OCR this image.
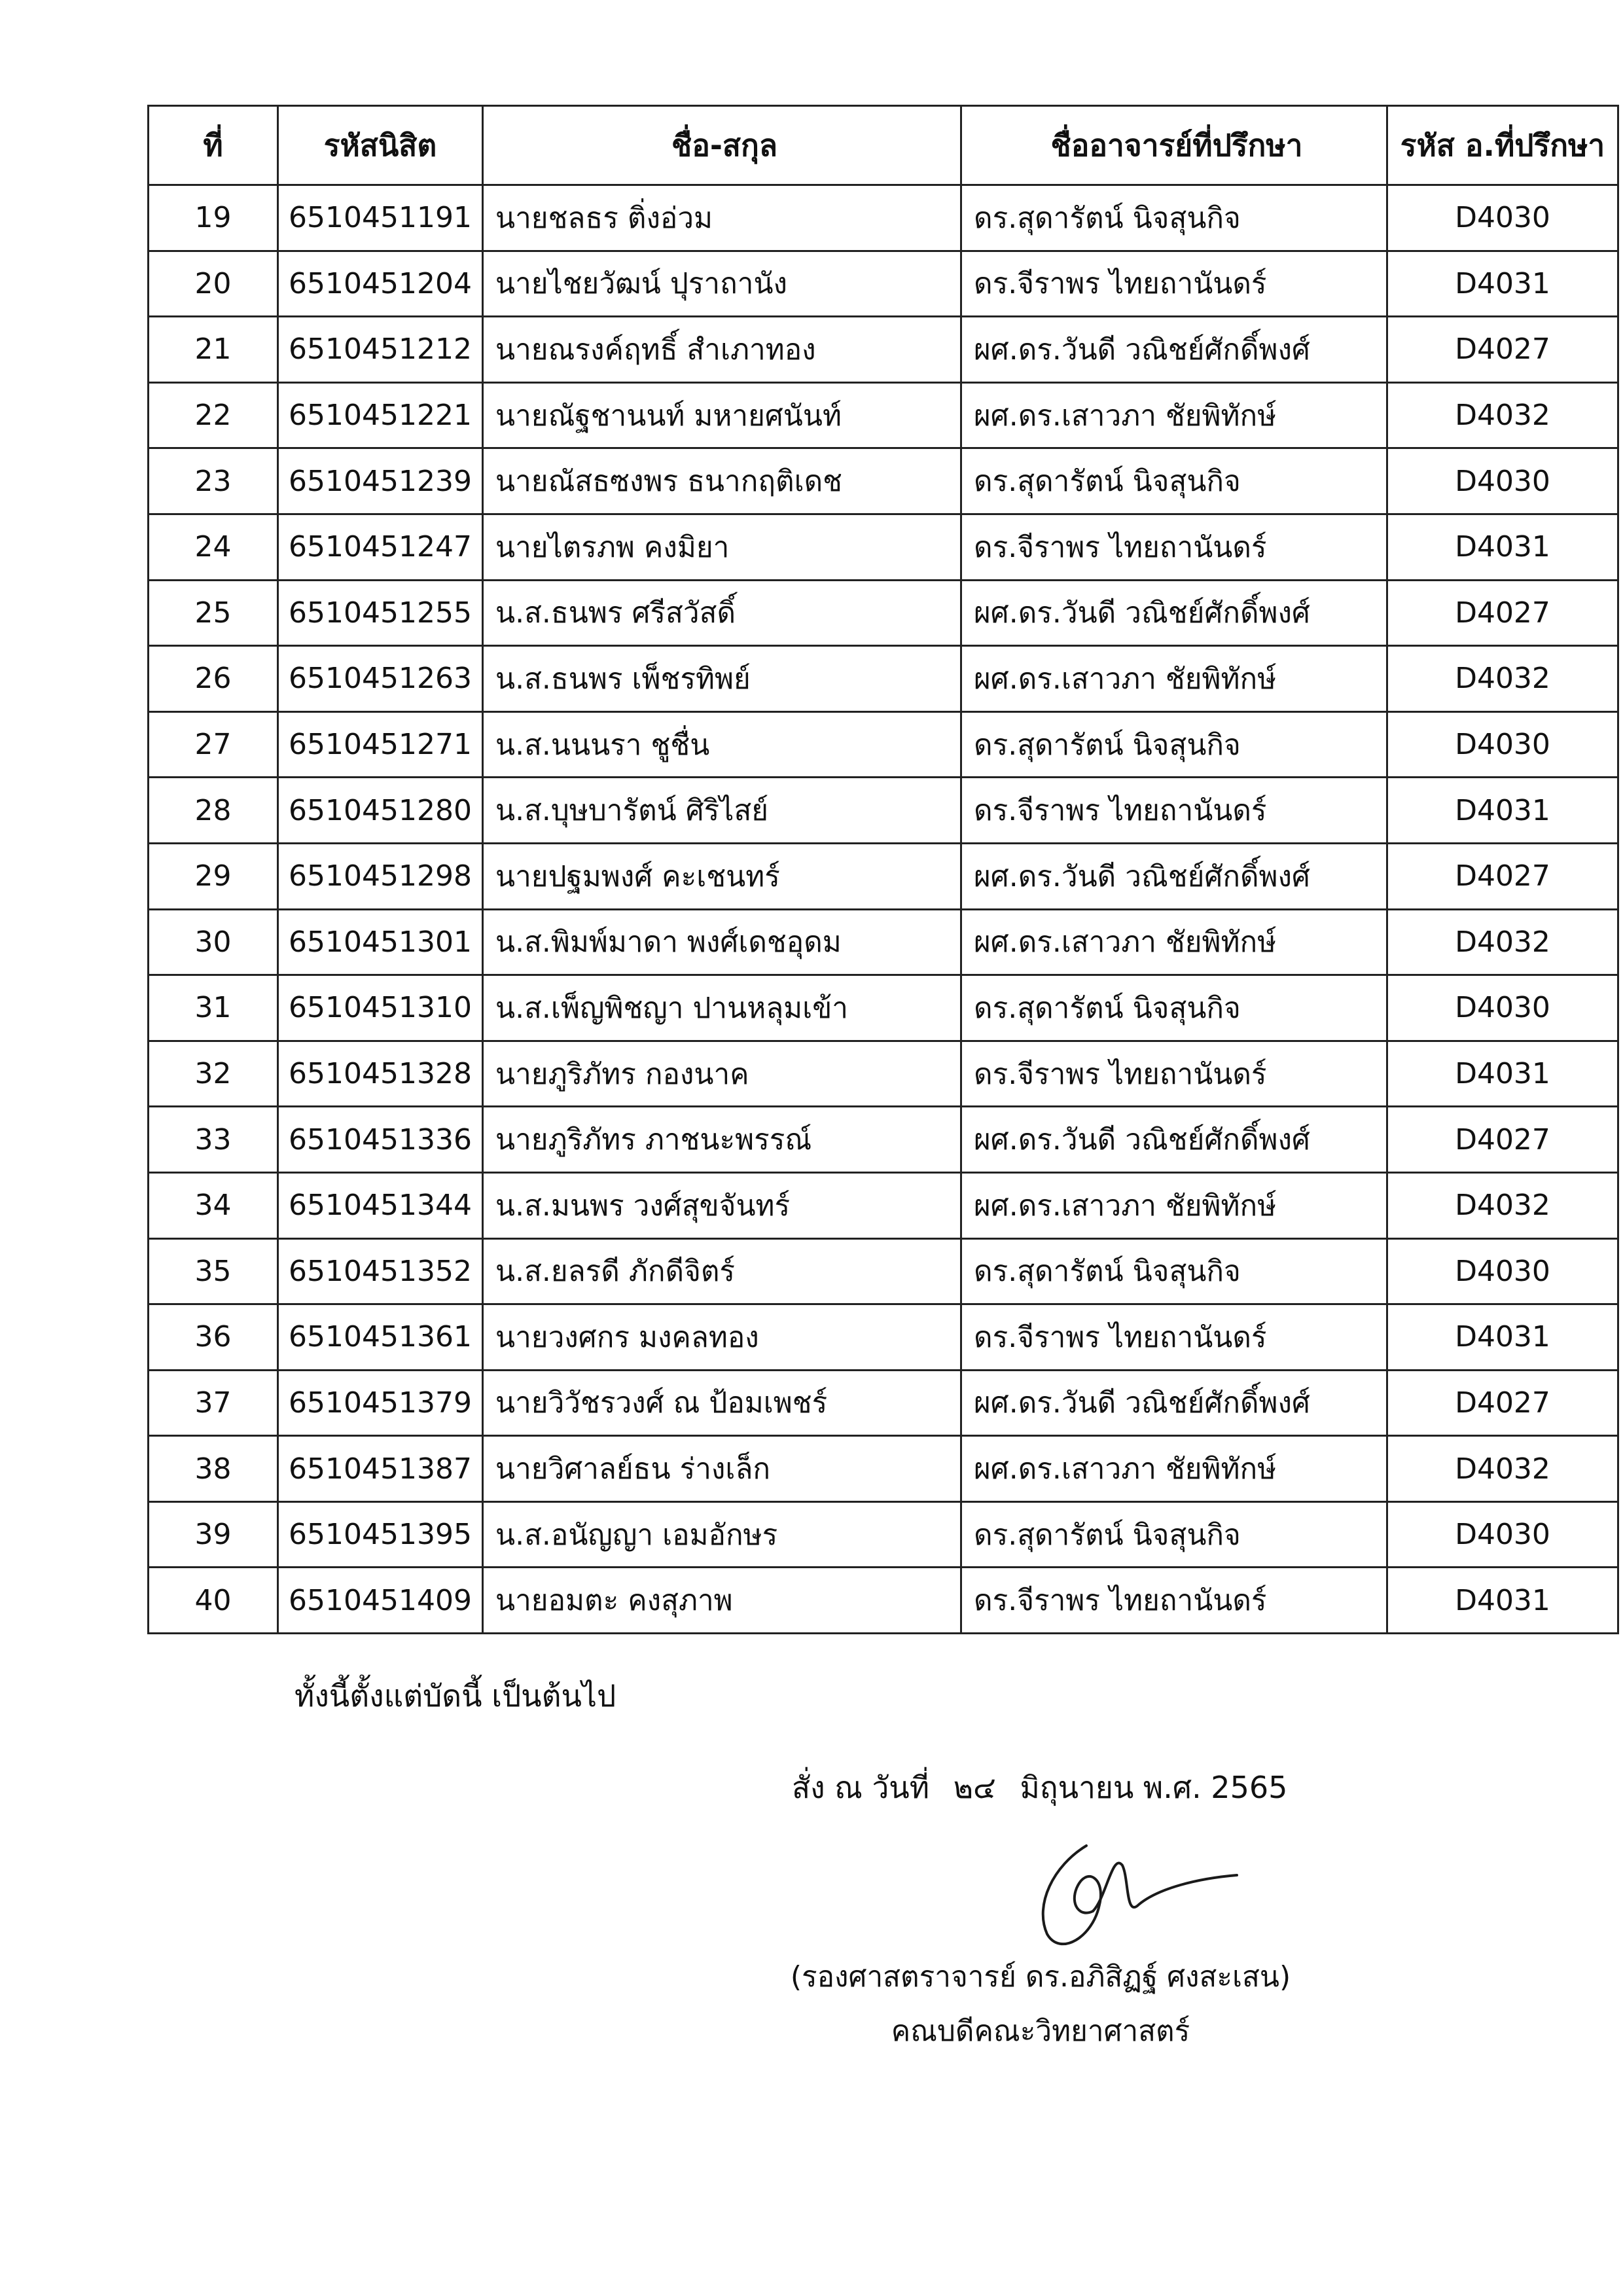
ที่	รหัสนิสิต	ชื่อ-สกุล	ชื่ออาจารย์ที่ปรึกษา	รหัส อ.ที่ปรึกษา
19	6510451191	นายชลธร ติ่งอ่วม	ดร.สุดารัตน์ นิจสุนกิจ	D4030
20	6510451204	นายไชยวัฒน์ ปุราถานัง	ดร.จีราพร ไทยถานันดร์	D4031
21	6510451212	นายณรงค์ฤทธิ์ สำเภาทอง	ผศ.ดร.วันดี วณิชย์ศักดิ์พงศ์	D4027
22	6510451221	นายณัฐชานนท์ มหายศนันท์	ผศ.ดร.เสาวภา ชัยพิทักษ์	D4032
23	6510451239	นายณัสธซงพร ธนากฤติเดช	ดร.สุดารัตน์ นิจสุนกิจ	D4030
24	6510451247	นายไตรภพ คงมิยา	ดร.จีราพร ไทยถานันดร์	D4031
25	6510451255	น.ส.ธนพร ศรีสวัสดิ์	ผศ.ดร.วันดี วณิชย์ศักดิ์พงศ์	D4027
26	6510451263	น.ส.ธนพร เพ็ชรทิพย์	ผศ.ดร.เสาวภา ชัยพิทักษ์	D4032
27	6510451271	น.ส.นนนรา ชูชื่น	ดร.สุดารัตน์ นิจสุนกิจ	D4030
28	6510451280	น.ส.บุษบารัตน์ ศิริไสย์	ดร.จีราพร ไทยถานันดร์	D4031
29	6510451298	นายปฐมพงศ์ คะเชนทร์	ผศ.ดร.วันดี วณิชย์ศักดิ์พงศ์	D4027
30	6510451301	น.ส.พิมพ์มาดา พงศ์เดชอุดม	ผศ.ดร.เสาวภา ชัยพิทักษ์	D4032
31	6510451310	น.ส.เพ็ญพิชญา ปานหลุมเข้า	ดร.สุดารัตน์ นิจสุนกิจ	D4030
32	6510451328	นายภูริภัทร กองนาค	ดร.จีราพร ไทยถานันดร์	D4031
33	6510451336	นายภูริภัทร ภาชนะพรรณ์	ผศ.ดร.วันดี วณิชย์ศักดิ์พงศ์	D4027
34	6510451344	น.ส.มนพร วงศ์สุขจันทร์	ผศ.ดร.เสาวภา ชัยพิทักษ์	D4032
35	6510451352	น.ส.ยลรดี ภักดีจิตร์	ดร.สุดารัตน์ นิจสุนกิจ	D4030
36	6510451361	นายวงศกร มงคลทอง	ดร.จีราพร ไทยถานันดร์	D4031
37	6510451379	นายวิวัชรวงศ์ ณ ป้อมเพชร์	ผศ.ดร.วันดี วณิชย์ศักดิ์พงศ์	D4027
38	6510451387	นายวิศาลย์ธน ร่างเล็ก	ผศ.ดร.เสาวภา ชัยพิทักษ์	D4032
39	6510451395	น.ส.อนัญญา เอมอักษร	ดร.สุดารัตน์ นิจสุนกิจ	D4030
40	6510451409	นายอมตะ คงสุภาพ	ดร.จีราพร ไทยถานันดร์	D4031
ทั้งนี้ตั้งแต่บัดนี้ เป็นต้นไป
สั่ง ณ วันที่ ๒๔ มิถุนายน พ.ศ. 2565
(รองศาสตราจารย์ ดร.อภิสิฏฐ์ ศงสะเสน)
คณบดีคณะวิทยาศาสตร์
